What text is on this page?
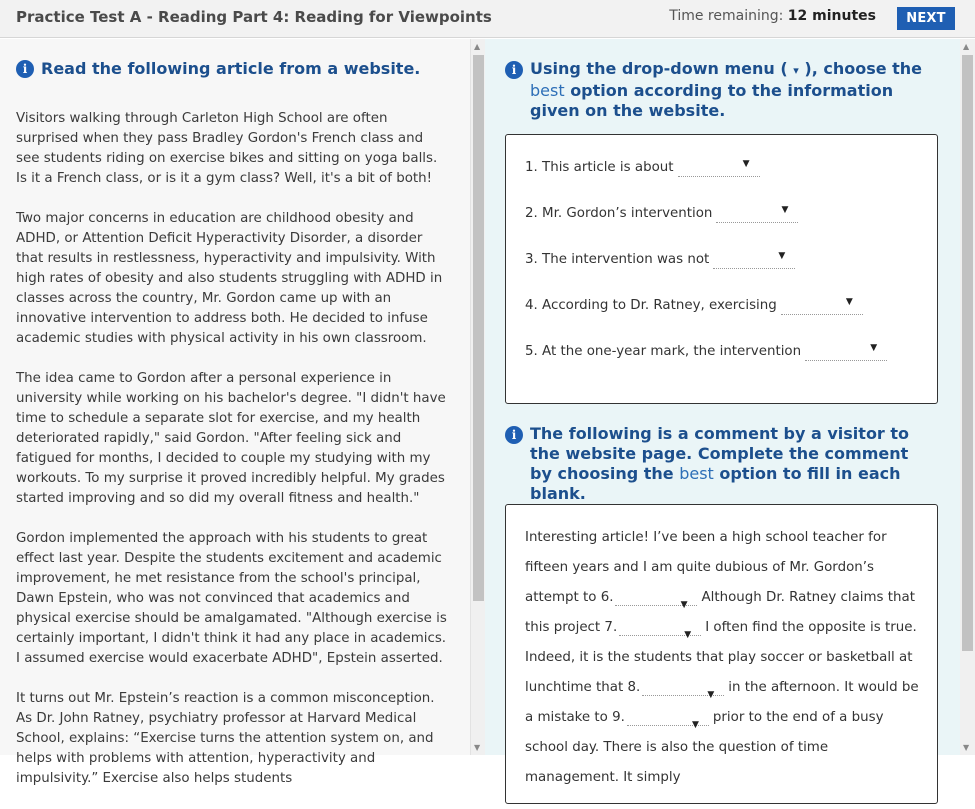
Practice Test A - Reading Part 4: Reading for Viewpoints	Time remaining: 12 minutes	NEXT
i Read the following article from a website.

Visitors walking through Carleton High School are often surprised when they pass Bradley Gordon's French class and see students riding on exercise bikes and sitting on yoga balls. Is it a French class, or is it a gym class? Well, it's a bit of both!

Two major concerns in education are childhood obesity and ADHD, or Attention Deficit Hyperactivity Disorder, a disorder that results in restlessness, hyperactivity and impulsivity. With high rates of obesity and also students struggling with ADHD in classes across the country, Mr. Gordon came up with an innovative intervention to address both. He decided to infuse academic studies with physical activity in his own classroom.

The idea came to Gordon after a personal experience in university while working on his bachelor's degree. "I didn't have time to schedule a separate slot for exercise, and my health deteriorated rapidly," said Gordon. "After feeling sick and fatigued for months, I decided to couple my studying with my workouts. To my surprise it proved incredibly helpful. My grades started improving and so did my overall fitness and health."

Gordon implemented the approach with his students to great effect last year. Despite the students excitement and academic improvement, he met resistance from the school's principal, Dawn Epstein, who was not convinced that academics and physical exercise should be amalgamated. "Although exercise is certainly important, I didn't think it had any place in academics. I assumed exercise would exacerbate ADHD", Epstein asserted.

It turns out Mr. Epstein’s reaction is a common misconception. As Dr. John Ratney, psychiatry professor at Harvard Medical School, explains: “Exercise turns the attention system on, and helps with problems with attention, hyperactivity and impulsivity.” Exercise also helps students

▲
▼
i Using the drop-down menu ( ▾ ), choose the best option according to the information given on the website.
1. This article is about	▼
2. Mr. Gordon’s intervention	▼
3. The intervention was not	▼
4. According to Dr. Ratney, exercising	▼
5. At the one-year mark, the intervention	▼
i The following is a comment by a visitor to the website page. Complete the comment by choosing the best option to fill in each blank.
Interesting article! I’ve been a high school teacher for fifteen years and I am quite dubious of Mr. Gordon’s attempt to 6.	▼ Although Dr. Ratney claims that this project 7.	▼ I often find the opposite is true. Indeed, it is the students that play soccer or basketball at lunchtime that 8.	▼ in the afternoon. It would be a mistake to 9.	▼ prior to the end of a busy school day. There is also the question of time management. It simply
▲
▼
